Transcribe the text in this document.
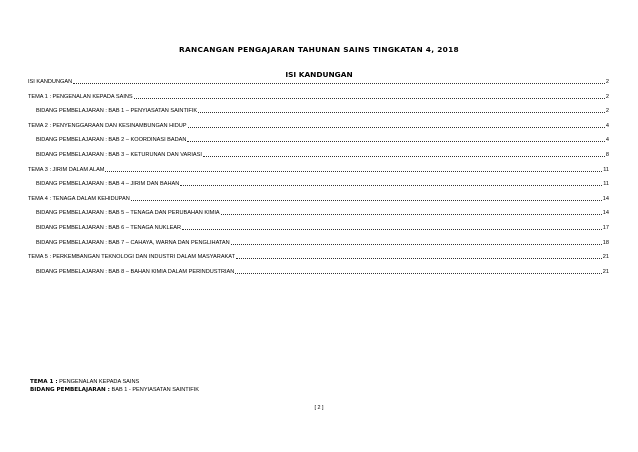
RANCANGAN PENGAJARAN TAHUNAN SAINS TINGKATAN 4, 2018
ISI KANDUNGAN
ISI KANDUNGAN	2
TEMA 1 : PENGENALAN KEPADA SAINS	2
BIDANG PEMBELAJARAN : BAB 1 – PENYIASATAN SAINTIFIK	2
TEMA 2 : PENYENGGARAAN DAN KESINAMBUNGAN HIDUP	4
BIDANG PEMBELAJARAN : BAB 2 – KOORDINASI BADAN	4
BIDANG PEMBELAJARAN : BAB 3 – KETURUNAN DAN VARIASI	8
TEMA 3 : JIRIM DALAM ALAM	11
BIDANG PEMBELAJARAN : BAB 4 – JIRIM DAN BAHAN	11
TEMA 4 : TENAGA DALAM KEHIDUPAN	14
BIDANG PEMBELAJARAN : BAB 5 – TENAGA DAN PERUBAHAN KIMIA	14
BIDANG PEMBELAJARAN : BAB 6 – TENAGA NUKLEAR	17
BIDANG PEMBELAJARAN : BAB 7 – CAHAYA, WARNA DAN PENGLIHATAN	18
TEMA 5 : PERKEMBANGAN TEKNOLOGI DAN INDUSTRI DALAM MASYARAKAT	21
BIDANG PEMBELAJARAN : BAB 8 – BAHAN KIMIA DALAM PERINDUSTRIAN	21
TEMA 1 : PENGENALAN KEPADA SAINS
BIDANG PEMBELAJARAN : BAB 1 - PENYIASATAN SAINTIFIK
[ 2 ]
